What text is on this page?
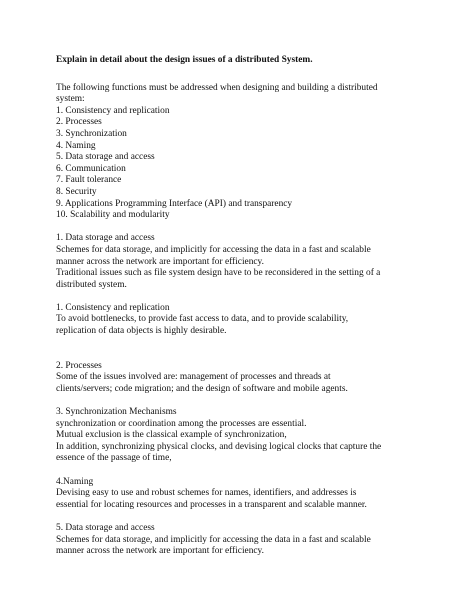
Explain in detail about the design issues of a distributed System.
The following functions must be addressed when designing and building a distributed
system:
1. Consistency and replication
2. Processes
3. Synchronization
4. Naming
5. Data storage and access
6. Communication
7. Fault tolerance
8. Security
9. Applications Programming Interface (API) and transparency
10. Scalability and modularity
1. Data storage and access
Schemes for data storage, and implicitly for accessing the data in a fast and scalable
manner across the network are important for efficiency.
Traditional issues such as file system design have to be reconsidered in the setting of a
distributed system.
1. Consistency and replication
To avoid bottlenecks, to provide fast access to data, and to provide scalability,
replication of data objects is highly desirable.
2. Processes
Some of the issues involved are: management of processes and threads at
clients/servers; code migration; and the design of software and mobile agents.
3. Synchronization Mechanisms
synchronization or coordination among the processes are essential.
Mutual exclusion is the classical example of synchronization,
In addition, synchronizing physical clocks, and devising logical clocks that capture the
essence of the passage of time,
4.Naming
Devising easy to use and robust schemes for names, identifiers, and addresses is
essential for locating resources and processes in a transparent and scalable manner.
5. Data storage and access
Schemes for data storage, and implicitly for accessing the data in a fast and scalable
manner across the network are important for efficiency.
